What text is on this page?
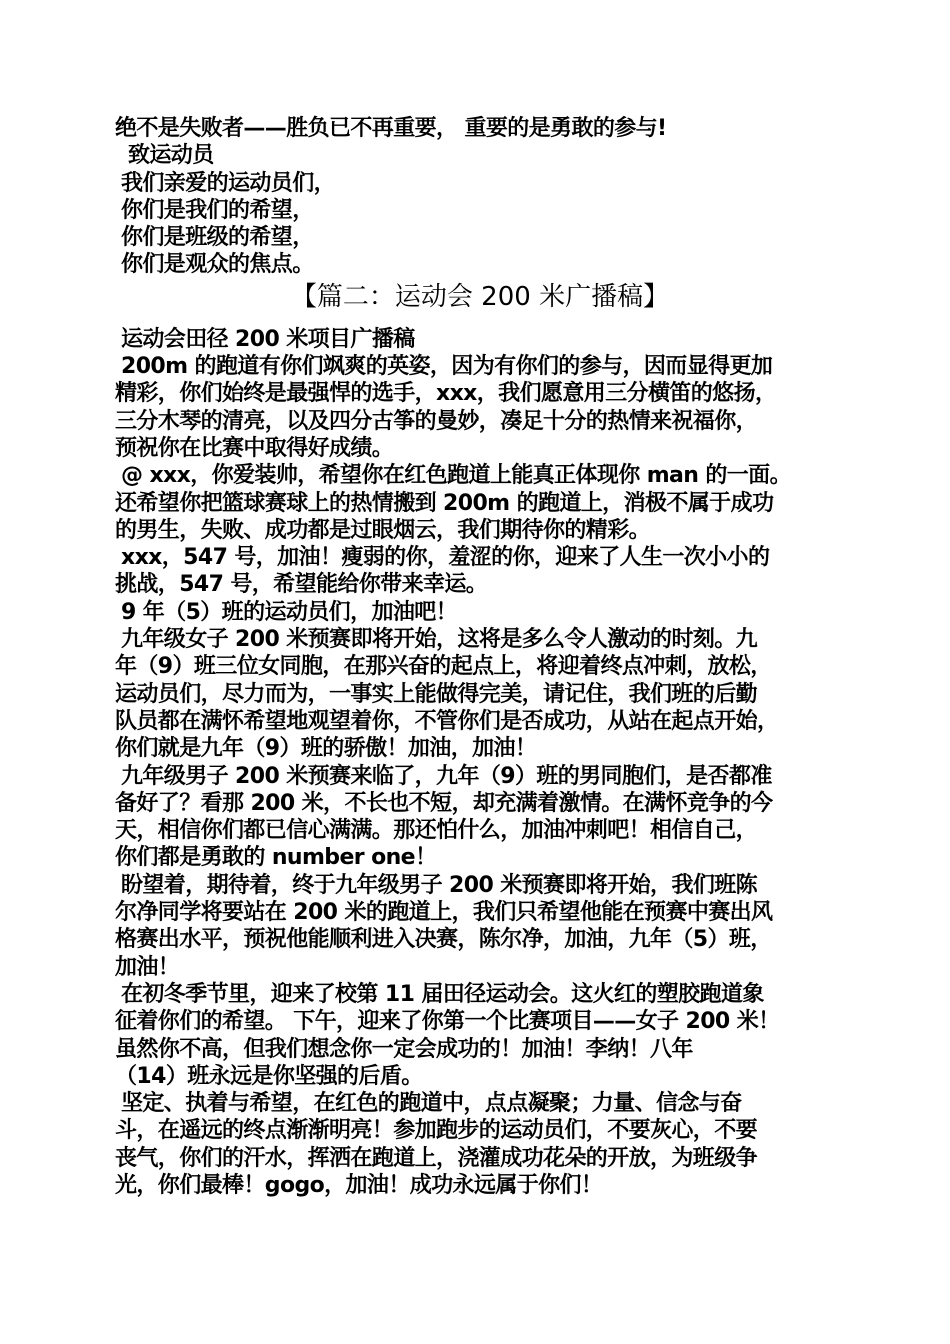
绝不是失败者——胜负已不再重要， 重要的是勇敢的参与!
致运动员
我们亲爱的运动员们，
你们是我们的希望，
你们是班级的希望，
你们是观众的焦点。
【篇二：运动会 200 米广播稿】
运动会田径 200 米项目广播稿
200m 的跑道有你们飒爽的英姿，因为有你们的参与，因而显得更加
精彩，你们始终是最强悍的选手，xxx，我们愿意用三分横笛的悠扬，
三分木琴的清亮，以及四分古筝的曼妙，凑足十分的热情来祝福你，
预祝你在比赛中取得好成绩。
@ xxx，你爱装帅，希望你在红色跑道上能真正体现你 man 的一面。
还希望你把篮球赛球上的热情搬到 200m 的跑道上，消极不属于成功
的男生，失败、成功都是过眼烟云，我们期待你的精彩。
xxx，547 号，加油！瘦弱的你，羞涩的你，迎来了人生一次小小的
挑战，547 号，希望能给你带来幸运。
9 年（5）班的运动员们，加油吧！
九年级女子 200 米预赛即将开始，这将是多么令人激动的时刻。九
年（9）班三位女同胞，在那兴奋的起点上，将迎着终点冲刺，放松，
运动员们，尽力而为，一事实上能做得完美，请记住，我们班的后勤
队员都在满怀希望地观望着你，不管你们是否成功，从站在起点开始，
你们就是九年（9）班的骄傲！加油，加油！
九年级男子 200 米预赛来临了，九年（9）班的男同胞们，是否都准
备好了？看那 200 米，不长也不短，却充满着激情。在满怀竞争的今
天，相信你们都已信心满满。那还怕什么，加油冲刺吧！相信自己，
你们都是勇敢的 number one！
盼望着，期待着，终于九年级男子 200 米预赛即将开始，我们班陈
尔净同学将要站在 200 米的跑道上，我们只希望他能在预赛中赛出风
格赛出水平，预祝他能顺利进入决赛，陈尔净，加油，九年（5）班，
加油！
在初冬季节里，迎来了校第 11 届田径运动会。这火红的塑胶跑道象
征着你们的希望。 下午，迎来了你第一个比赛项目——女子 200 米！
虽然你不高，但我们想念你一定会成功的！加油！李纳！八年
（14）班永远是你坚强的后盾。
坚定、执着与希望，在红色的跑道中，点点凝聚；力量、信念与奋
斗，在遥远的终点渐渐明亮！参加跑步的运动员们，不要灰心，不要
丧气，你们的汗水，挥洒在跑道上，浇灌成功花朵的开放，为班级争
光，你们最棒！gogo，加油！成功永远属于你们！
